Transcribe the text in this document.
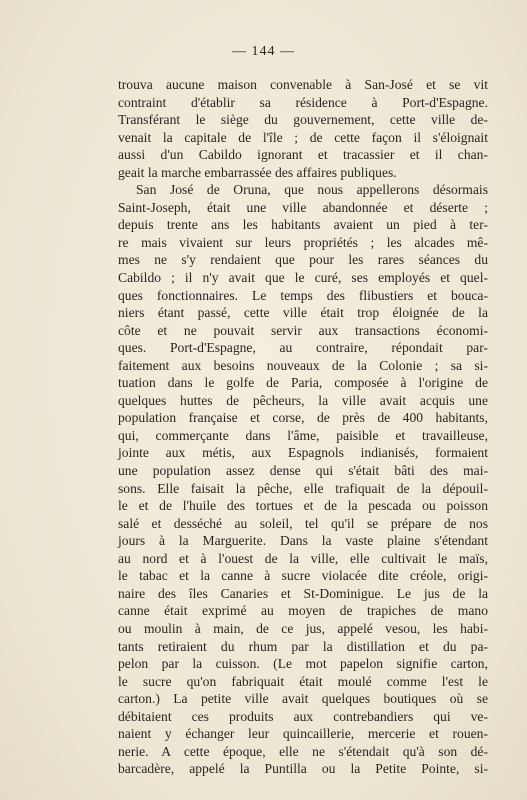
— 144 —
trouva aucune maison convenable à San-José et se vit
contraint d'établir sa résidence à Port-d'Espagne.
Transférant le siège du gouvernement, cette ville de-
venait la capitale de l'île ; de cette façon il s'éloignait
aussi d'un Cabildo ignorant et tracassier et il chan-
geait la marche embarrassée des affaires publiques.
San José de Oruna, que nous appellerons désormais
Saint-Joseph, était une ville abandonnée et déserte ;
depuis trente ans les habitants avaient un pied à ter-
re mais vivaient sur leurs propriétés ; les alcades mê-
mes ne s'y rendaient que pour les rares séances du
Cabildo ; il n'y avait que le curé, ses employés et quel-
ques fonctionnaires. Le temps des flibustiers et boucа-
niers étant passé, cette ville était trop éloignée de la
côte et ne pouvait servir aux transactions économi-
ques. Port-d'Espagne, au contraire, répondait par-
faitement aux besoins nouveaux de la Colonie ; sa si-
tuation dans le golfe de Paria, composée à l'origine de
quelques huttes de pêcheurs, la ville avait acquis une
population française et corse, de près de 400 habitants,
qui, commerçante dans l'âme, paisible et travailleuse,
jointe aux métis, aux Espagnols indianisés, formaient
une population assez dense qui s'était bâti des mai-
sons. Elle faisait la pêche, elle trafiquait de la dépouil-
le et de l'huile des tortues et de la pescada ou poisson
salé et desséché au soleil, tel qu'il se prépare de nos
jours à la Marguerite. Dans la vaste plaine s'étendant
au nord et à l'ouest de la ville, elle cultivait le maïs,
le tabac et la canne à sucre violacée dite créole, origi-
naire des îles Canaries et St-Dominigue. Le jus de la
canne était exprimé au moyen de trapiches de mano
ou moulin à main, de ce jus, appelé vesou, les habi-
tants retiraient du rhum par la distillation et du pa-
pelon par la cuisson. (Le mot papelon signifie carton,
le sucre qu'on fabriquait était moulé comme l'est le
carton.) La petite ville avait quelques boutiques où se
débitaient ces produits aux contrebandiers qui ve-
naient y échanger leur quincaillerie, mercerie et rouen-
nerie. A cette époque, elle ne s'étendait qu'à son dé-
barcadère, appelé la Puntilla ou la Petite Pointe, si-
